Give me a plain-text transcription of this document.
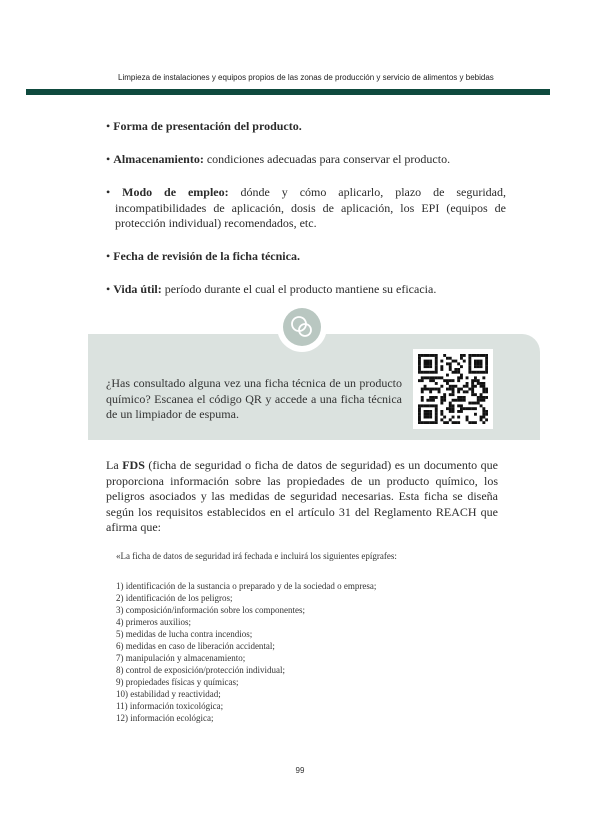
Limpieza de instalaciones y equipos propios de las zonas de producción y servicio de alimentos y bebidas
• Forma de presentación del producto.
• Almacenamiento: condiciones adecuadas para conservar el producto.
• Modo de empleo: dónde y cómo aplicarlo, plazo de seguridad, incompatibilidades de aplicación, dosis de aplicación, los EPI (equipos de protección individual) recomendados, etc.
• Fecha de revisión de la ficha técnica.
• Vida útil: período durante el cual el producto mantiene su eficacia.
¿Has consultado alguna vez una ficha técnica de un producto químico? Escanea el código QR y accede a una ficha técnica de un limpiador de espuma.
La FDS (ficha de seguridad o ficha de datos de seguridad) es un documento que proporciona información sobre las propiedades de un producto químico, los peligros asociados y las medidas de seguridad necesarias. Esta ficha se diseña según los requisitos establecidos en el artículo 31 del Reglamento REACH que afirma que:
«La ficha de datos de seguridad irá fechada e incluirá los siguientes epígrafes:
1) identificación de la sustancia o preparado y de la sociedad o empresa;
2) identificación de los peligros;
3) composición/información sobre los componentes;
4) primeros auxilios;
5) medidas de lucha contra incendios;
6) medidas en caso de liberación accidental;
7) manipulación y almacenamiento;
8) control de exposición/protección individual;
9) propiedades físicas y químicas;
10) estabilidad y reactividad;
11) información toxicológica;
12) información ecológica;
99
